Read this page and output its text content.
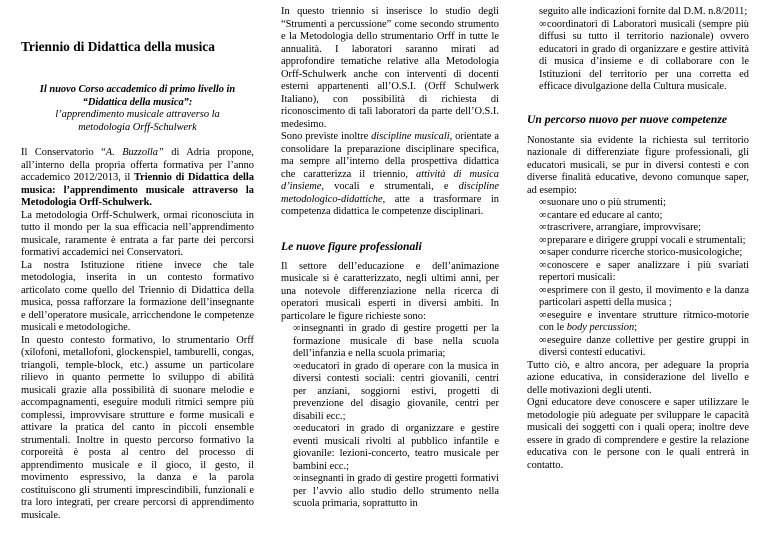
Triennio di Didattica della musica
Il nuovo Corso accademico di primo livello in
“Didattica della musica”:
l’apprendimento musicale attraverso la
metodologia Orff-Schulwerk

Il Conservatorio “A. Buzzolla” di Adria propone, all’interno della propria offerta formativa per l’anno accademico 2012/2013, il Triennio di Didattica della musica: l’apprendimento musicale attraverso la Metodologia Orff-Schulwerk.

La metodologia Orff-Schulwerk, ormai riconosciuta in tutto il mondo per la sua efficacia nell’apprendimento musicale, raramente è entrata a far parte dei percorsi formativi accademici nei Conservatori.

La nostra Istituzione ritiene invece che tale metodologia, inserita in un contesto formativo articolato come quello del Triennio di Didattica della musica, possa rafforzare la formazione dell’insegnante e dell’operatore musicale, arricchendone le competenze musicali e metodologiche.

In questo contesto formativo, lo strumentario Orff (xilofoni, metallofoni, glockenspiel, tamburelli, congas, triangoli, temple-block, etc.) assume un particolare rilievo in quanto permette lo sviluppo di abilità musicali grazie alla possibilità di suonare melodie e accompagnamenti, eseguire moduli ritmici sempre più complessi, improvvisare strutture e forme musicali e attivare la pratica del canto in piccoli ensemble strumentali. Inoltre in questo percorso formativo la corporeità è posta al centro del processo di apprendimento musicale e il gioco, il gesto, il movimento espressivo, la danza e la parola costituiscono gli strumenti imprescindibili, funzionali e tra loro integrati, per creare percorsi di apprendimento musicale.

In questo triennio si inserisce lo studio degli “Strumenti a percussione” come secondo strumento e la Metodologia dello strumentario Orff in tutte le annualità. I laboratori saranno mirati ad approfondire tematiche relative alla Metodologia Orff-Schulwerk anche con interventi di docenti esterni appartenenti all’O.S.I. (Orff Schulwerk Italiano), con possibilità di richiesta di riconoscimento di tali laboratori da parte dell’O.S.I. medesimo.

Sono previste inoltre discipline musicali, orientate a consolidare la preparazione disciplinare specifica, ma sempre all’interno della prospettiva didattica che caratterizza il triennio, attività di musica d’insieme, vocali e strumentali, e discipline metodologico-didattiche, atte a trasformare in competenza didattica le competenze disciplinari.

Le nuove figure professionali

Il settore dell’educazione e dell’animazione musicale si è caratterizzato, negli ultimi anni, per una notevole differenziazione nella ricerca di operatori musicali esperti in diversi ambiti. In particolare le figure richieste sono:

∞insegnanti in grado di gestire progetti per la formazione musicale di base nella scuola dell’infanzia e nella scuola primaria;
∞educatori in grado di operare con la musica in diversi contesti sociali: centri giovanili, centri per anziani, soggiorni estivi, progetti di prevenzione del disagio giovanile, centri per disabili ecc.;
∞educatori in grado di organizzare e gestire eventi musicali rivolti al pubblico infantile e giovanile: lezioni-concerto, teatro musicale per bambini ecc.;
∞insegnanti in grado di gestire progetti formativi per l’avvio allo studio dello strumento nella scuola primaria, soprattutto in
seguito alle indicazioni fornite dal D.M. n.8/2011;
∞coordinatori di Laboratori musicali (sempre più diffusi su tutto il territorio nazionale) ovvero educatori in grado di organizzare e gestire attività di musica d’insieme e di collaborare con le Istituzioni del territorio per una corretta ed efficace divulgazione della Cultura musicale.
Un percorso nuovo per nuove competenze

Nonostante sia evidente la richiesta sul territorio nazionale di differenziate figure professionali, gli educatori musicali, se pur in diversi contesti e con diverse finalità educative, devono comunque saper, ad esempio:

∞suonare uno o più strumenti;
∞cantare ed educare al canto;
∞trascrivere, arrangiare, improvvisare;
∞preparare e dirigere gruppi vocali e strumentali;
∞saper condurre ricerche storico-musicologiche;
∞conoscere e saper analizzare i più svariati repertori musicali:
∞esprimere con il gesto, il movimento e la danza particolari aspetti della musica ;
∞eseguire e inventare strutture ritmico-motorie con le body percussion;
∞eseguire danze collettive per gestire gruppi in diversi contesti educativi.

Tutto ciò, e altro ancora, per adeguare la propria azione educativa, in considerazione del livello e delle motivazioni degli utenti.

Ogni educatore deve conoscere e saper utilizzare le metodologie più adeguate per sviluppare le capacità musicali dei soggetti con i quali opera; inoltre deve essere in grado di comprendere e gestire la relazione educativa con le persone con le quali entrerà in contatto.
